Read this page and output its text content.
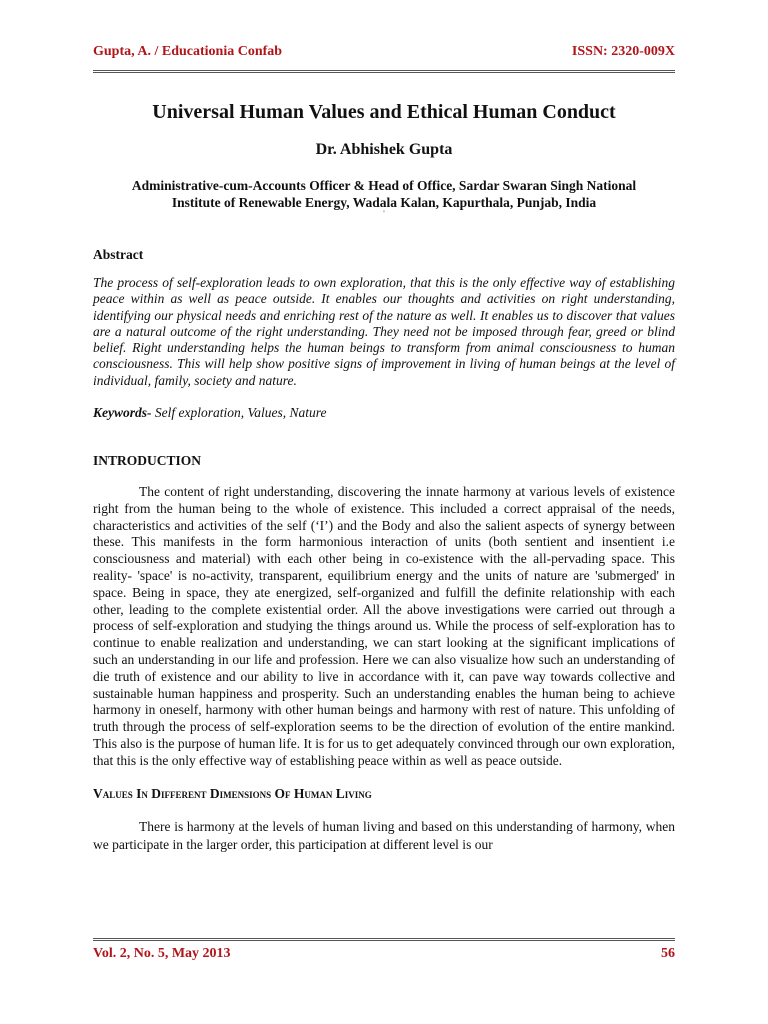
Gupta, A. / Educationia Confab	ISSN: 2320-009X
Universal Human Values and Ethical Human Conduct
Dr. Abhishek Gupta
Administrative-cum-Accounts Officer & Head of Office, Sardar Swaran Singh National
Institute of Renewable Energy, Wadala Kalan, Kapurthala, Punjab, India
'
Abstract
The process of self-exploration leads to own exploration, that this is the only effective way of establishing peace within as well as peace outside. It enables our thoughts and activities on right understanding, identifying our physical needs and enriching rest of the nature as well. It enables us to discover that values are a natural outcome of the right understanding. They need not be imposed through fear, greed or blind belief. Right understanding helps the human beings to transform from animal consciousness to human consciousness. This will help show positive signs of improvement in living of human beings at the level of individual, family, society and nature.
Keywords- Self exploration, Values, Nature
INTRODUCTION
The content of right understanding, discovering the innate harmony at various levels of existence right from the human being to the whole of existence. This included a correct appraisal of the needs, characteristics and activities of the self (‘I’) and the Body and also the salient aspects of synergy between these. This manifests in the form harmonious interaction of units (both sentient and insentient i.e consciousness and material) with each other being in co-existence with the all-pervading space. This reality- 'space' is no-activity, transparent, equilibrium energy and the units of nature are 'submerged' in space. Being in space, they ate energized, self-organized and fulfill the definite relationship with each other, leading to the complete existential order. All the above investigations were carried out through a process of self-exploration and studying the things around us. While the process of self-exploration has to continue to enable realization and understanding, we can start looking at the significant implications of such an understanding in our life and profession. Here we can also visualize how such an understanding of die truth of existence and our ability to live in accordance with it, can pave way towards collective and sustainable human happiness and prosperity. Such an understanding enables the human being to achieve harmony in oneself, harmony with other human beings and harmony with rest of nature. This unfolding of truth through the process of self-exploration seems to be the direction of evolution of the entire mankind. This also is the purpose of human life. It is for us to get adequately convinced through our own exploration, that this is the only effective way of establishing peace within as well as peace outside.
Values In Different Dimensions Of Human Living
There is harmony at the levels of human living and based on this understanding of harmony, when we participate in the larger order, this participation at different level is our
Vol. 2, No. 5, May 2013	56
